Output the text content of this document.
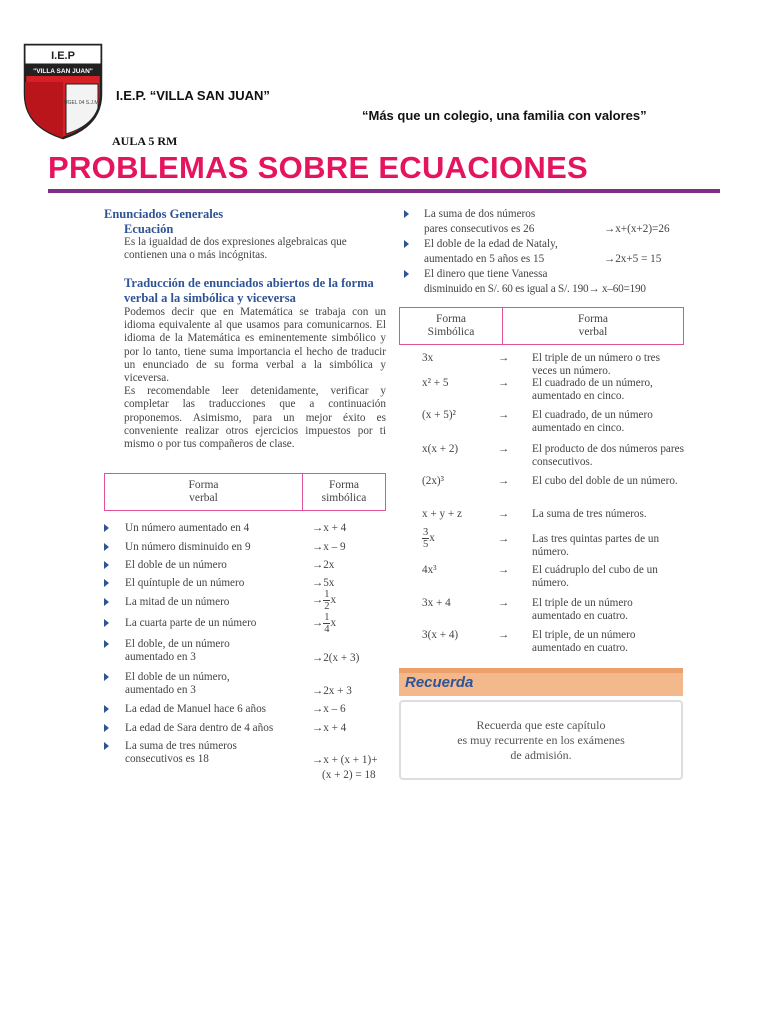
I.E.P
"VILLA SAN JUAN"
UGEL 04 S.J.M. I.E.P. “VILLA SAN JUAN”
“Más que un colegio, una familia con valores”
AULA 5 RM
PROBLEMAS SOBRE ECUACIONES
Enunciados Generales
Ecuación
Es la igualdad de dos expresiones algebraicas que contienen una o más incógnitas.
Traducción de enunciados abiertos de la forma verbal a la simbólica y viceversa
Podemos decir que en Matemática se trabaja con un idioma equivalente al que usamos para comunicarnos. El idioma de la Matemática es eminentemente simbólico y por lo tanto, tiene suma importancia el hecho de traducir un enunciado de su forma verbal a la simbólica y viceversa.
Es recomendable leer detenidamente, verificar y completar las traducciones que a continuación proponemos. Asimismo, para un mejor éxito es conveniente realizar otros ejercicios impuestos por ti mismo o por tus compañeros de clase.
Forma
verbal
Forma
simbólica
Un número aumentado en 4	→x + 4
Un número disminuido en 9	→x – 9
El doble de un número	→2x
El quíntuple de un número	→5x
La mitad de un número	→ $\frac{1}{2}$ x
La cuarta parte de un número	→ $\frac{1}{4}$ x
El doble, de un número aumentado en 3	→2(x + 3)
El doble de un número, aumentado en 3	→2x + 3
La edad de Manuel hace 6 años	→x – 6
La edad de Sara dentro de 4 años	→x + 4
La suma de tres números consecutivos es 18	→x + (x + 1)+
(x + 2) = 18
La suma de dos números
pares consecutivos es 26	→x+(x+2)=26
El doble de la edad de Nataly,
aumentado en 5 años es 15	→2x+5 = 15
El dinero que tiene Vanessa
disminuido en S/. 60 es igual a S/. 190→ x–60=190
Forma
Simbólica
Forma
verbal
3x	→ El triple de un número o tres veces un número.
x² + 5	→ El cuadrado de un número, aumentado en cinco.
(x + 5)²	→ El cuadrado, de un número aumentado en cinco.
x(x + 2)	→ El producto de dos números pares consecutivos.
(2x)³	→ El cubo del doble de un número.
x + y + z	→ La suma de tres números.
$\frac{3}{5}$ x	→ Las tres quintas partes de un número.
4x³	→ El cuádruplo del cubo de un número.
3x + 4	→ El triple de un número aumentado en cuatro.
3(x + 4)	→ El triple, de un número aumentado en cuatro.
Recuerda
Recuerda que este capítulo
es muy recurrente en los exámenes
de admisión.
